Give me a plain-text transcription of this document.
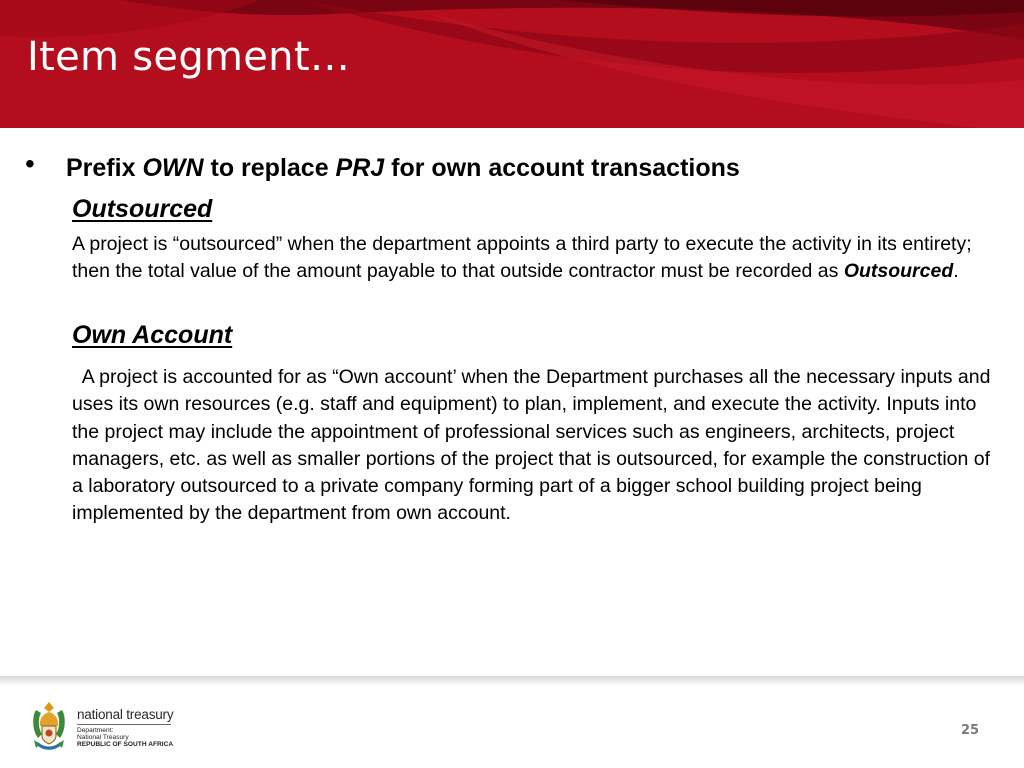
Item segment…
• Prefix OWN to replace PRJ for own account transactions
Outsourced
A project is “outsourced” when the department appoints a third party to execute the activity in its entirety; then the total value of the amount payable to that outside contractor must be recorded as Outsourced.
Own Account
A project is accounted for as “Own account’ when the Department purchases all the necessary inputs and uses its own resources (e.g. staff and equipment) to plan, implement, and execute the activity. Inputs into the project may include the appointment of professional services such as engineers, architects, project managers, etc. as well as smaller portions of the project that is outsourced, for example the construction of a laboratory outsourced to a private company forming part of a bigger school building project being implemented by the department from own account.
national treasury
Department:
National Treasury
REPUBLIC OF SOUTH AFRICA
25
